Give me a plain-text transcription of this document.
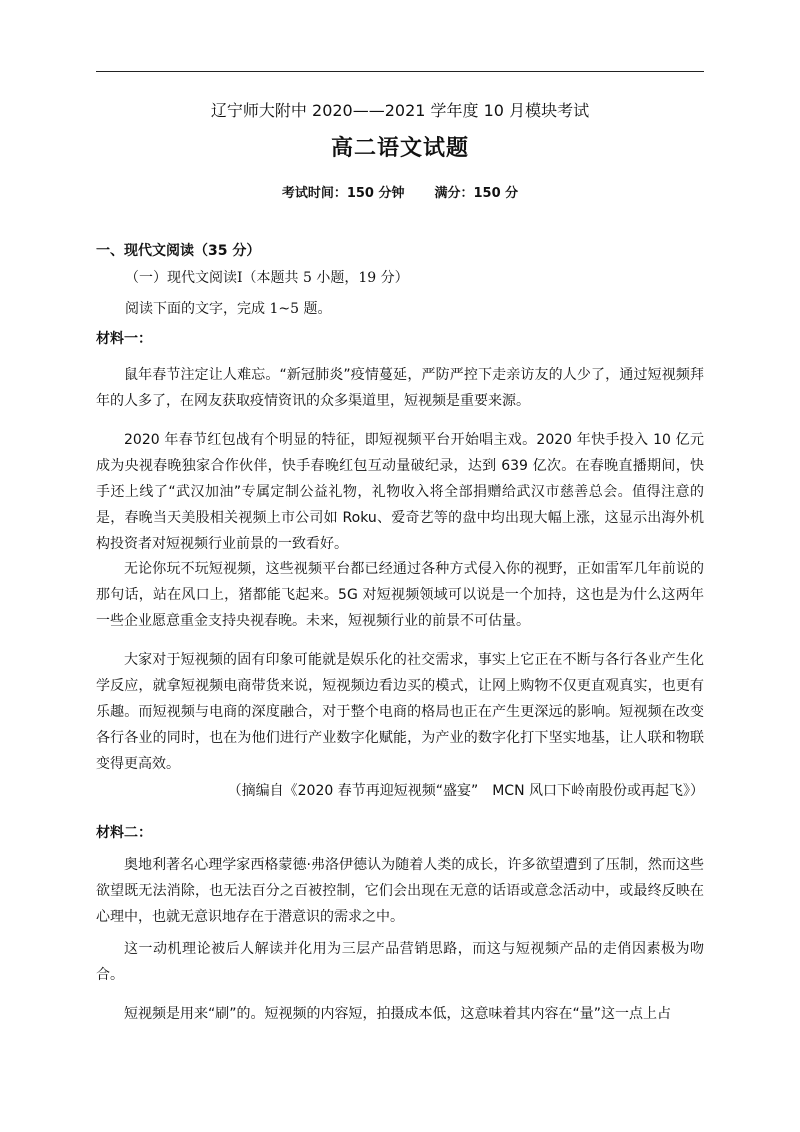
辽宁师大附中 2020——2021 学年度 10 月模块考试

高二语文试题

考试时间：150 分钟 满分：150 分

一、现代文阅读（35 分）

（一）现代文阅读Ⅰ（本题共 5 小题，19 分）

阅读下面的文字，完成 1~5 题。

材料一：

鼠年春节注定让人难忘。“新冠肺炎”疫情蔓延，严防严控下走亲访友的人少了，通过短视频拜年的人多了，在网友获取疫情资讯的众多渠道里，短视频是重要来源。

2020 年春节红包战有个明显的特征，即短视频平台开始唱主戏。2020 年快手投入 10 亿元成为央视春晚独家合作伙伴，快手春晚红包互动量破纪录，达到 639 亿次。在春晚直播期间，快手还上线了“武汉加油”专属定制公益礼物，礼物收入将全部捐赠给武汉市慈善总会。值得注意的是，春晚当天美股相关视频上市公司如 Roku、爱奇艺等的盘中均出现大幅上涨，这显示出海外机构投资者对短视频行业前景的一致看好。

无论你玩不玩短视频，这些视频平台都已经通过各种方式侵入你的视野，正如雷军几年前说的那句话，站在风口上，猪都能飞起来。5G 对短视频领域可以说是一个加持，这也是为什么这两年一些企业愿意重金支持央视春晚。未来，短视频行业的前景不可估量。

大家对于短视频的固有印象可能就是娱乐化的社交需求，事实上它正在不断与各行各业产生化学反应，就拿短视频电商带货来说，短视频边看边买的模式，让网上购物不仅更直观真实，也更有乐趣。而短视频与电商的深度融合，对于整个电商的格局也正在产生更深远的影响。短视频在改变各行各业的同时，也在为他们进行产业数字化赋能，为产业的数字化打下坚实地基，让人联和物联变得更高效。

（摘编自《2020 春节再迎短视频“盛宴”　MCN 风口下岭南股份或再起飞》）

材料二：

奥地利著名心理学家西格蒙德·弗洛伊德认为随着人类的成长，许多欲望遭到了压制，然而这些欲望既无法消除，也无法百分之百被控制，它们会出现在无意的话语或意念活动中，或最终反映在心理中，也就无意识地存在于潜意识的需求之中。

这一动机理论被后人解读并化用为三层产品营销思路，而这与短视频产品的走俏因素极为吻合。

短视频是用来“刷”的。短视频的内容短，拍摄成本低，这意味着其内容在“量”这一点上占
